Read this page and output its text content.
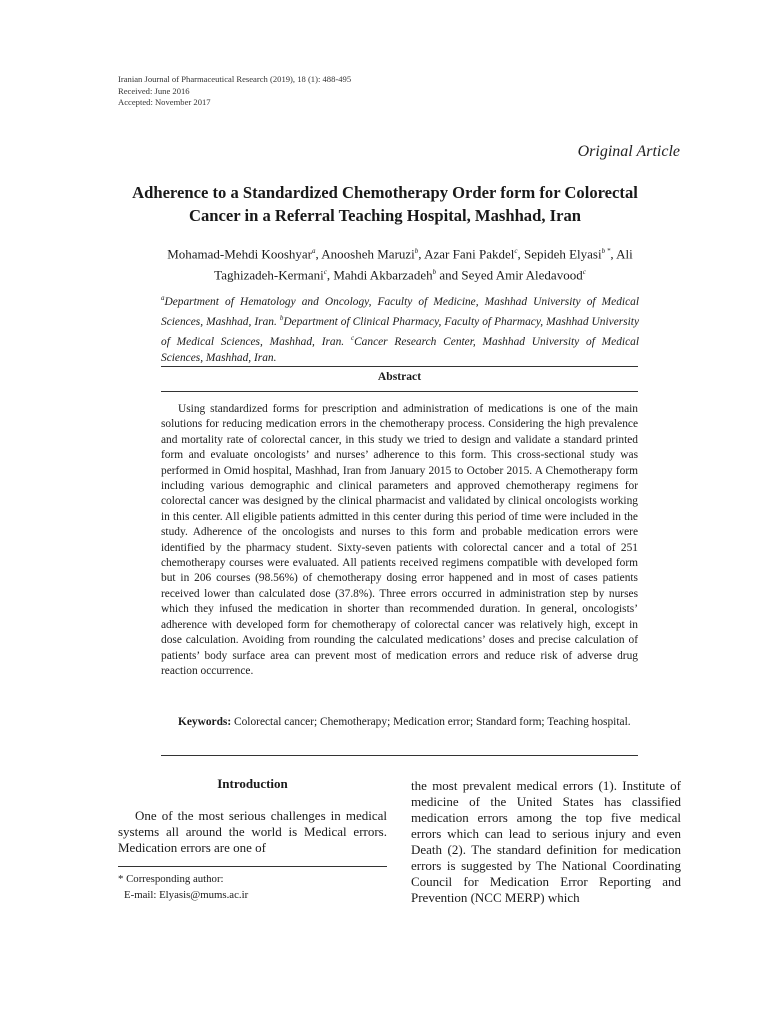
Iranian Journal of Pharmaceutical Research (2019), 18 (1): 488-495
Received: June 2016
Accepted: November 2017
Original Article
Adherence to a Standardized Chemotherapy Order form for Colorectal Cancer in a Referral Teaching Hospital, Mashhad, Iran
Mohamad-Mehdi Kooshyar$^a$, Anoosheh Maruzi$^b$, Azar Fani Pakdel$^c$, Sepideh Elyasi$^{b *}$, Ali Taghizadeh-Kermani$^c$, Mahdi Akbarzadeh$^b$ and Seyed Amir Aledavood$^c$
$^a$Department of Hematology and Oncology, Faculty of Medicine, Mashhad University of Medical Sciences, Mashhad, Iran. $^b$Department of Clinical Pharmacy, Faculty of Pharmacy, Mashhad University of Medical Sciences, Mashhad, Iran. $^c$Cancer Research Center, Mashhad University of Medical Sciences, Mashhad, Iran.
Abstract
Using standardized forms for prescription and administration of medications is one of the main solutions for reducing medication errors in the chemotherapy process. Considering the high prevalence and mortality rate of colorectal cancer, in this study we tried to design and validate a standard printed form and evaluate oncologists’ and nurses’ adherence to this form. This cross-sectional study was performed in Omid hospital, Mashhad, Iran from January 2015 to October 2015. A Chemotherapy form including various demographic and clinical parameters and approved chemotherapy regimens for colorectal cancer was designed by the clinical pharmacist and validated by clinical oncologists working in this center. All eligible patients admitted in this center during this period of time were included in the study. Adherence of the oncologists and nurses to this form and probable medication errors were identified by the pharmacy student. Sixty-seven patients with colorectal cancer and a total of 251 chemotherapy courses were evaluated. All patients received regimens compatible with developed form but in 206 courses (98.56%) of chemotherapy dosing error happened and in most of cases patients received lower than calculated dose (37.8%). Three errors occurred in administration step by nurses which they infused the medication in shorter than recommended duration. In general, oncologists’ adherence with developed form for chemotherapy of colorectal cancer was relatively high, except in dose calculation. Avoiding from rounding the calculated medications’ doses and precise calculation of patients’ body surface area can prevent most of medication errors and reduce risk of adverse drug reaction occurrence.
Keywords: Colorectal cancer; Chemotherapy; Medication error; Standard form; Teaching hospital.
Introduction
One of the most serious challenges in medical systems all around the world is Medical errors. Medication errors are one of
the most prevalent medical errors (1). Institute of medicine of the United States has classified medication errors among the top five medical errors which can lead to serious injury and even Death (2). The standard definition for medication errors is suggested by The National Coordinating Council for Medication Error Reporting and Prevention (NCC MERP) which
* Corresponding author:
E-mail: Elyasis@mums.ac.ir
